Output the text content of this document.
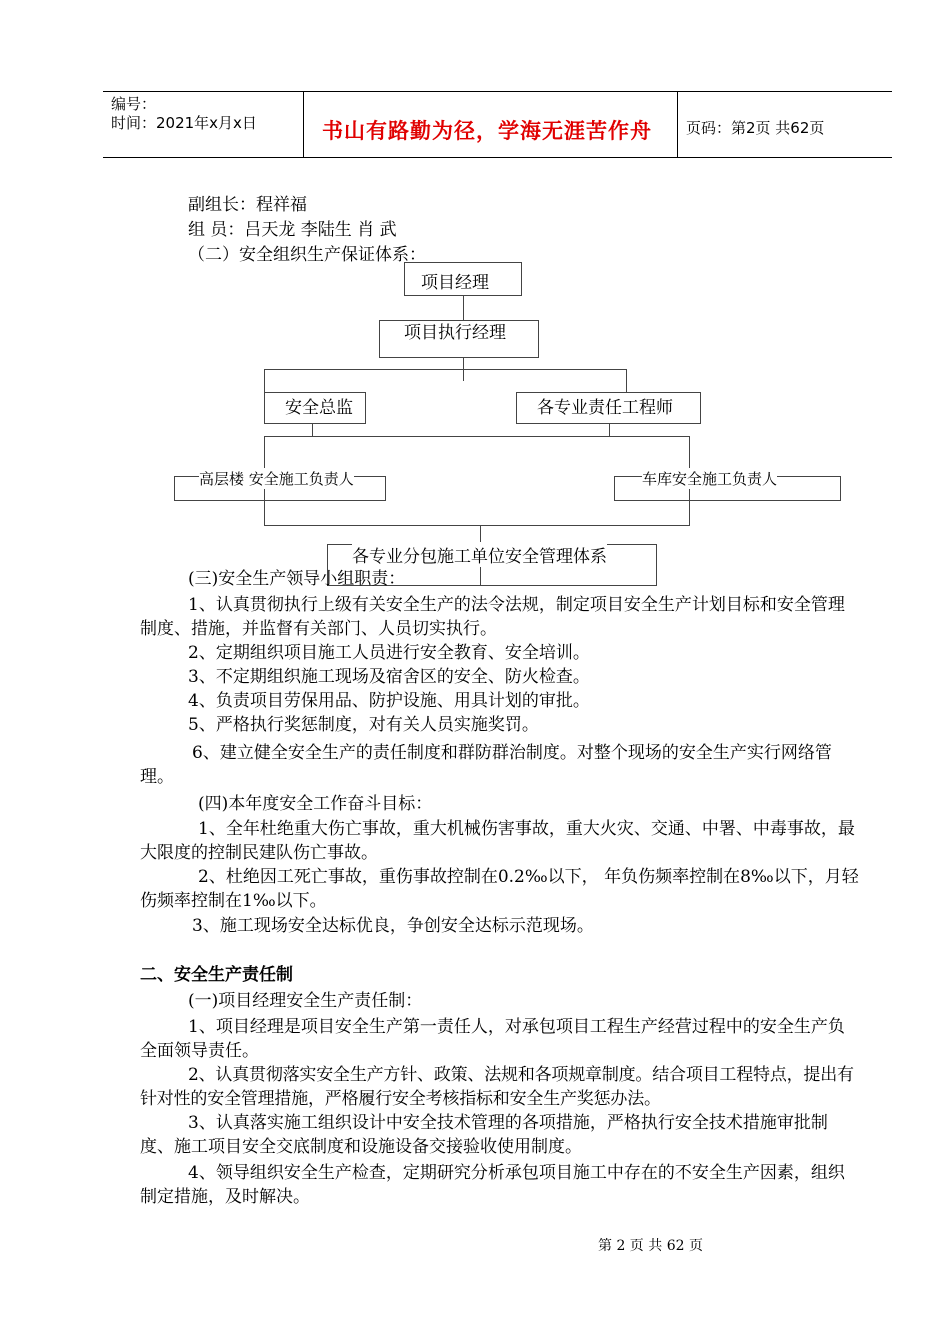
编号：
时间：2021年x月x日	书山有路勤为径，学海无涯苦作舟 页码：第2页 共62页
副组长：程祥福
组 员：吕天龙 李陆生 肖 武
（二）安全组织生产保证体系：
项目经理
项目执行经理
安全总监	各专业责任工程师
高层楼 安全施工负责人	车库安全施工负责人
各专业分包施工单位安全管理体系
(三)安全生产领导小组职责：
1、认真贯彻执行上级有关安全生产的法令法规，制定项目安全生产计划目标和安全管理制度、措施，并监督有关部门、人员切实执行。
2、定期组织项目施工人员进行安全教育、安全培训。
3、不定期组织施工现场及宿舍区的安全、防火检查。
4、负责项目劳保用品、防护设施、用具计划的审批。
5、严格执行奖惩制度，对有关人员实施奖罚。
6、建立健全安全生产的责任制度和群防群治制度。对整个现场的安全生产实行网络管理。
(四)本年度安全工作奋斗目标：
1、全年杜绝重大伤亡事故，重大机械伤害事故，重大火灾、交通、中署、中毒事故，最大限度的控制民建队伤亡事故。
2、杜绝因工死亡事故，重伤事故控制在0.2‰以下， 年负伤频率控制在8‰以下，月轻伤频率控制在1‰以下。
3、施工现场安全达标优良，争创安全达标示范现场。
二、安全生产责任制
(一)项目经理安全生产责任制：
1、项目经理是项目安全生产第一责任人，对承包项目工程生产经营过程中的安全生产负全面领导责任。
2、认真贯彻落实安全生产方针、政策、法规和各项规章制度。结合项目工程特点，提出有针对性的安全管理措施，严格履行安全考核指标和安全生产奖惩办法。
3、认真落实施工组织设计中安全技术管理的各项措施，严格执行安全技术措施审批制度、施工项目安全交底制度和设施设备交接验收使用制度。
4、领导组织安全生产检查，定期研究分析承包项目施工中存在的不安全生产因素，组织制定措施，及时解决。
第 2 页 共 62 页
